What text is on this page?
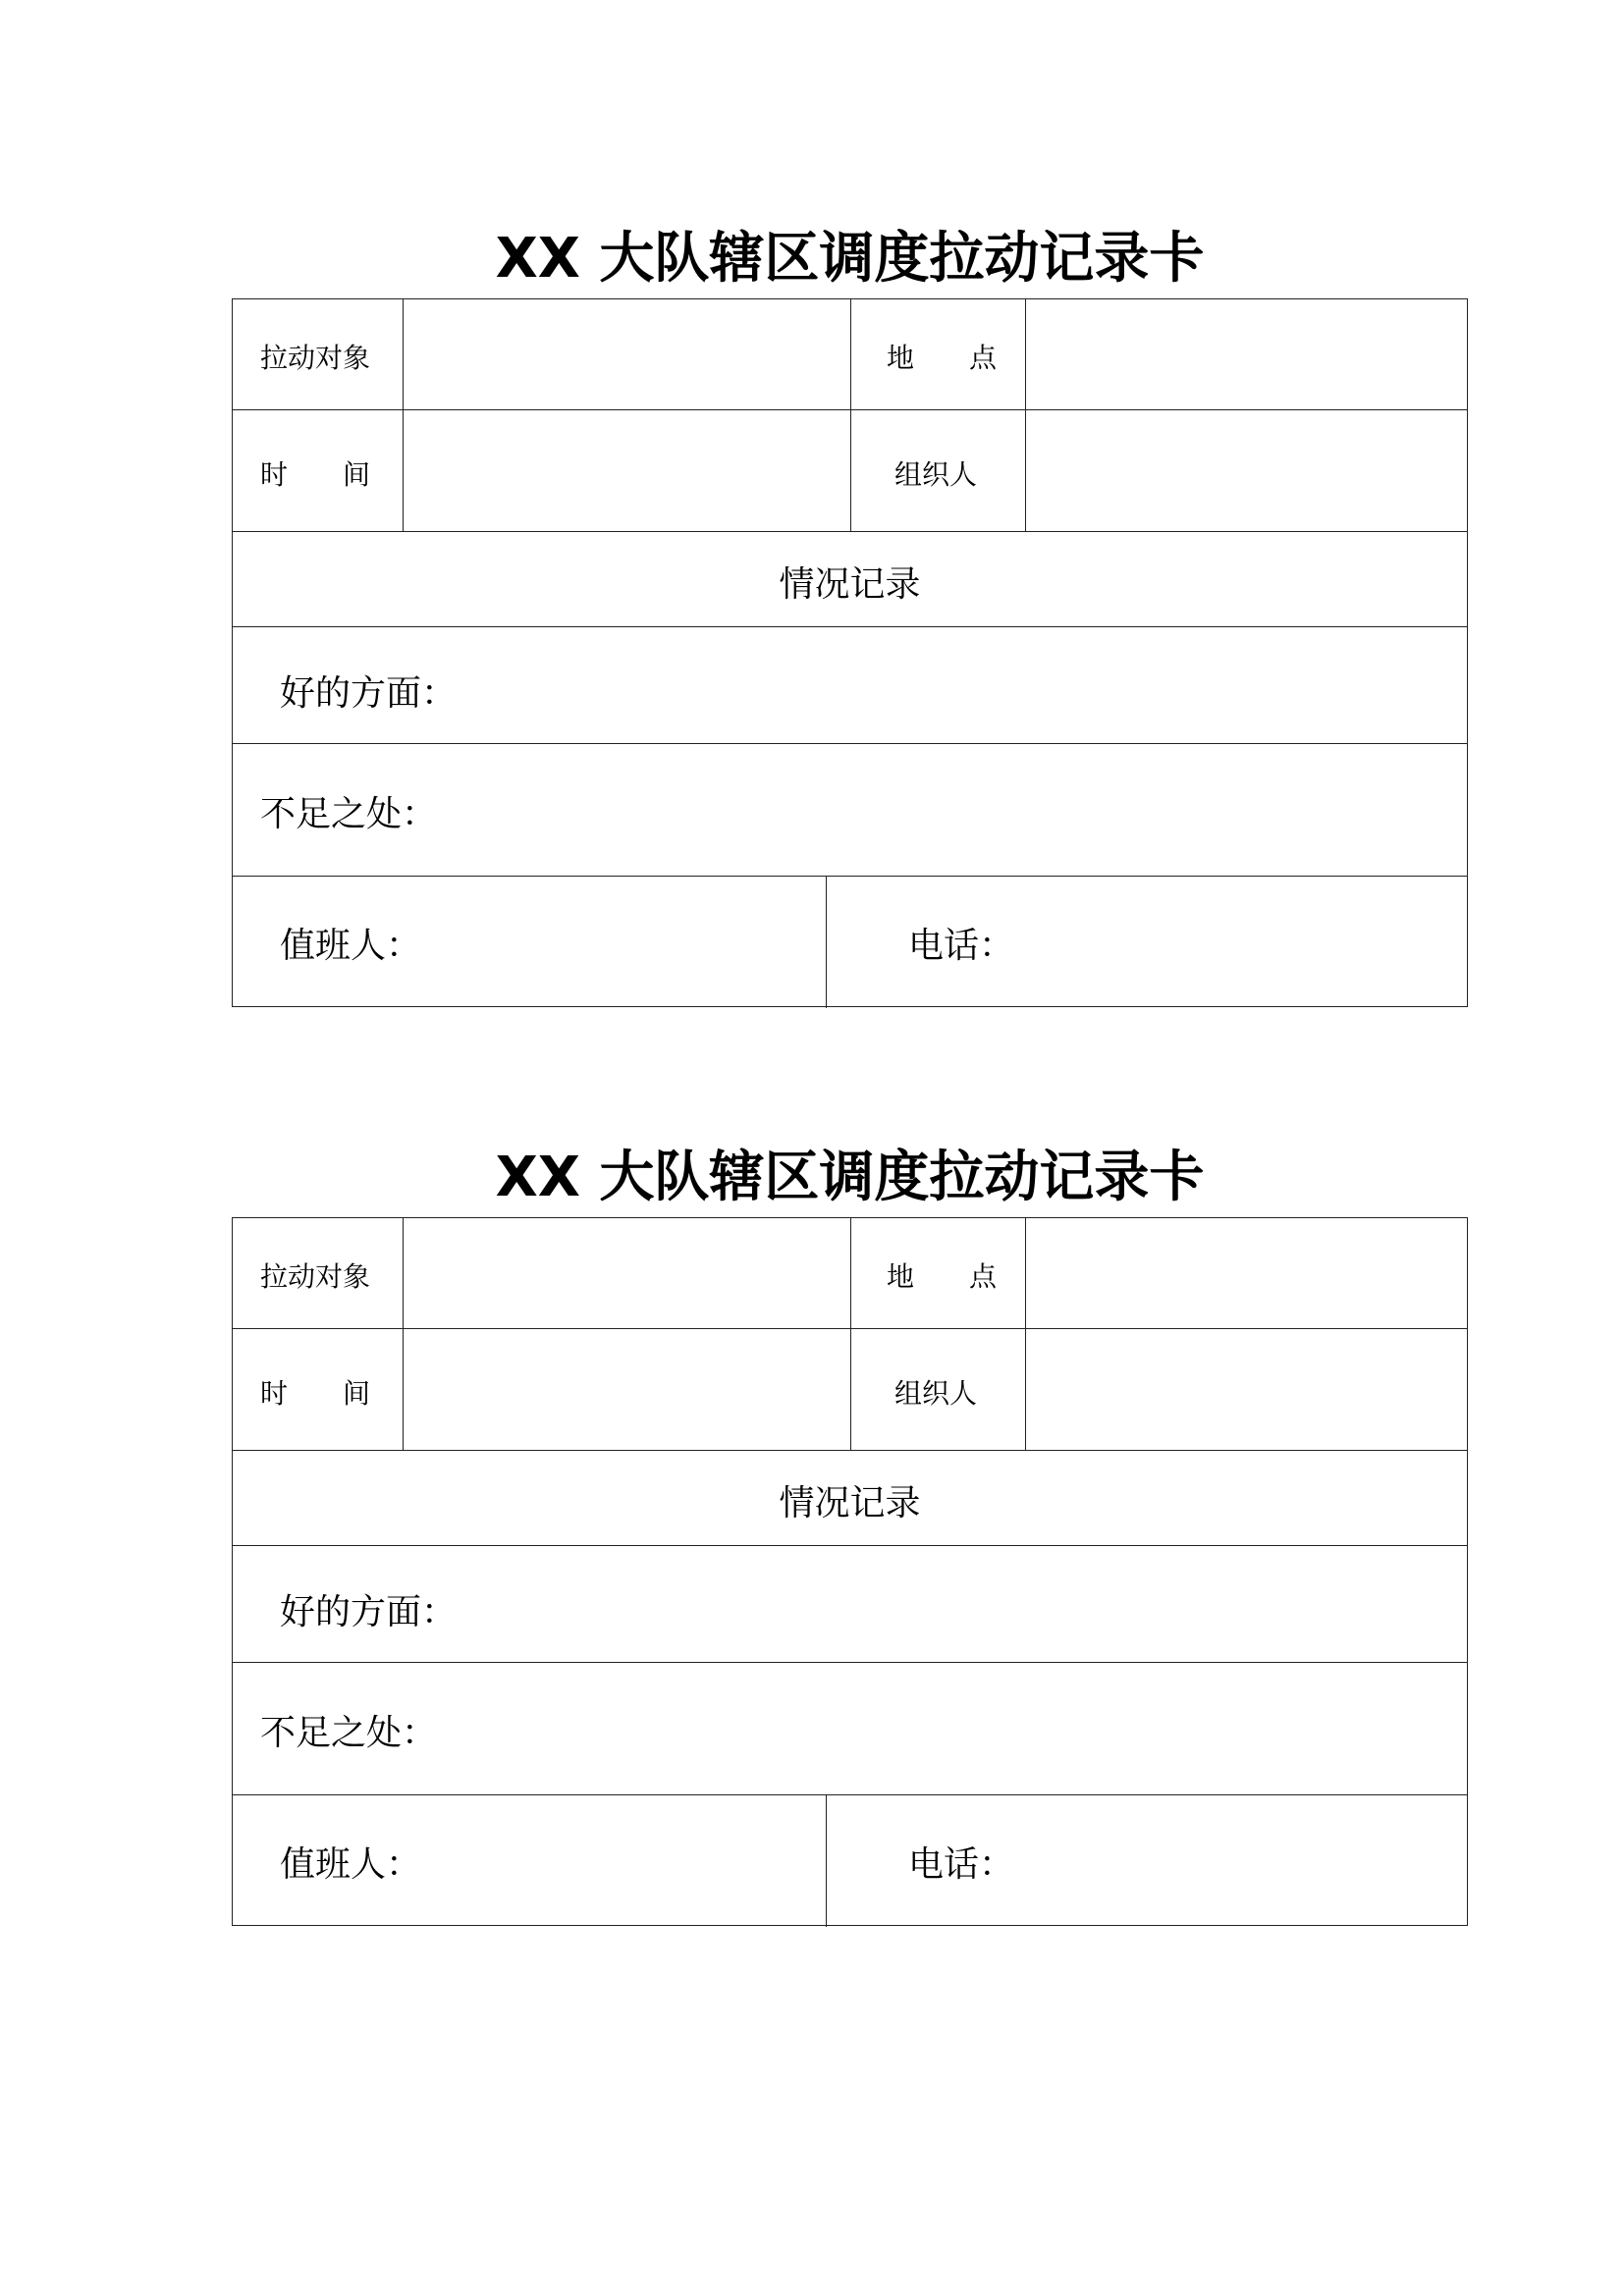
XX 大队辖区调度拉动记录卡
拉动对象	地　　点
时　　间	组织人
情况记录
好的方面：
不足之处：
值班人：	电话：
XX 大队辖区调度拉动记录卡
拉动对象	地　　点
时　　间	组织人
情况记录
好的方面：
不足之处：
值班人：	电话：
